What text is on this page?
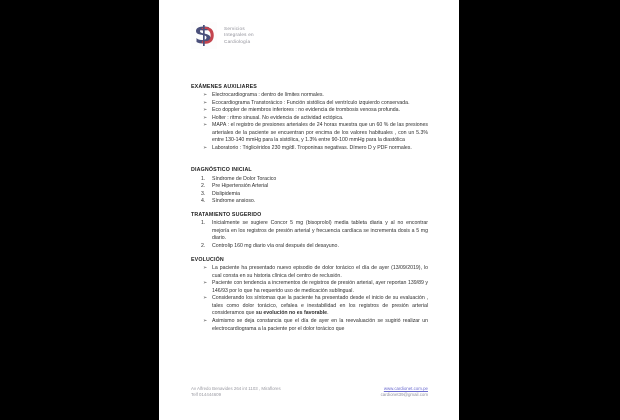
Servicios
Integrales en
Cardiología
EXÁMENES AUXILIARES
➢ Electrocardiograma : dentro de límites normales.
➢ Ecocardiograma Transtorácico : Función sistólica del ventrículo izquierdo conservada.
➢ Eco doppler de miembros inferiores : no evidencia de trombosis venosa profunda.
➢ Holter : ritmo sinusal. No evidencia de actividad ectópica.
➢ MAPA : el registro de presiones arteriales de 24 horas muestra que un 60 % de las presiones arteriales de la paciente se encuentran por encima de los valores habituales , con un 5.3% entre 130-140 mmHg para la sistólica, y 1.3% entre 90-100 mmHg para la diastólica
➢ Laboratorio : Triglicéridos 230 mg/dl. Troponinas negativas. Dímero D y PDF normales.
DIAGNÓSTICO INICIAL
1. Síndrome de Dolor Toracico
2. Pre Hipertensión Arterial
3. Dislipidemia
4. Síndrome ansioso.
TRATAMIENTO SUGERIDO
1. Inicialmente se sugiere Concor 5 mg (bisoprolol) media tableta diaria y al no encontrar mejoría en los registros de presión arterial y frecuencia cardíaca se incrementa dosis a 5 mg diario.
2. Controlip 160 mg diario vía oral después del desayuno.
EVOLUCIÓN
➢ La paciente ha presentado nuevo episodio de dolor torácico el día de ayer (13/09/2019), lo cual consta en su historia clínica del centro de reclusión.
➢ Paciente con tendencia a incrementos de registros de presión arterial, ayer reportan 139/89 y 146/93 por lo que ha requerido uso de medicación sublingual.
➢ Considerando los síntomas que la paciente ha presentado desde el inicio de su evaluación , tales como dolor torácico, cefalea e inestabilidad en los registros de presión arterial consideramos que su evolución no es favorable.
➢ Asimismo se deja constancia que el día de ayer en la reevaluación se sugirió realizar un electrocardiograma a la paciente por el dolor torácico que
Av Alfredo Benavides 264 int 1103 , Miraflores
Telf 014444609
www.cardionet.com.pe
cardionet39@gmail.com
